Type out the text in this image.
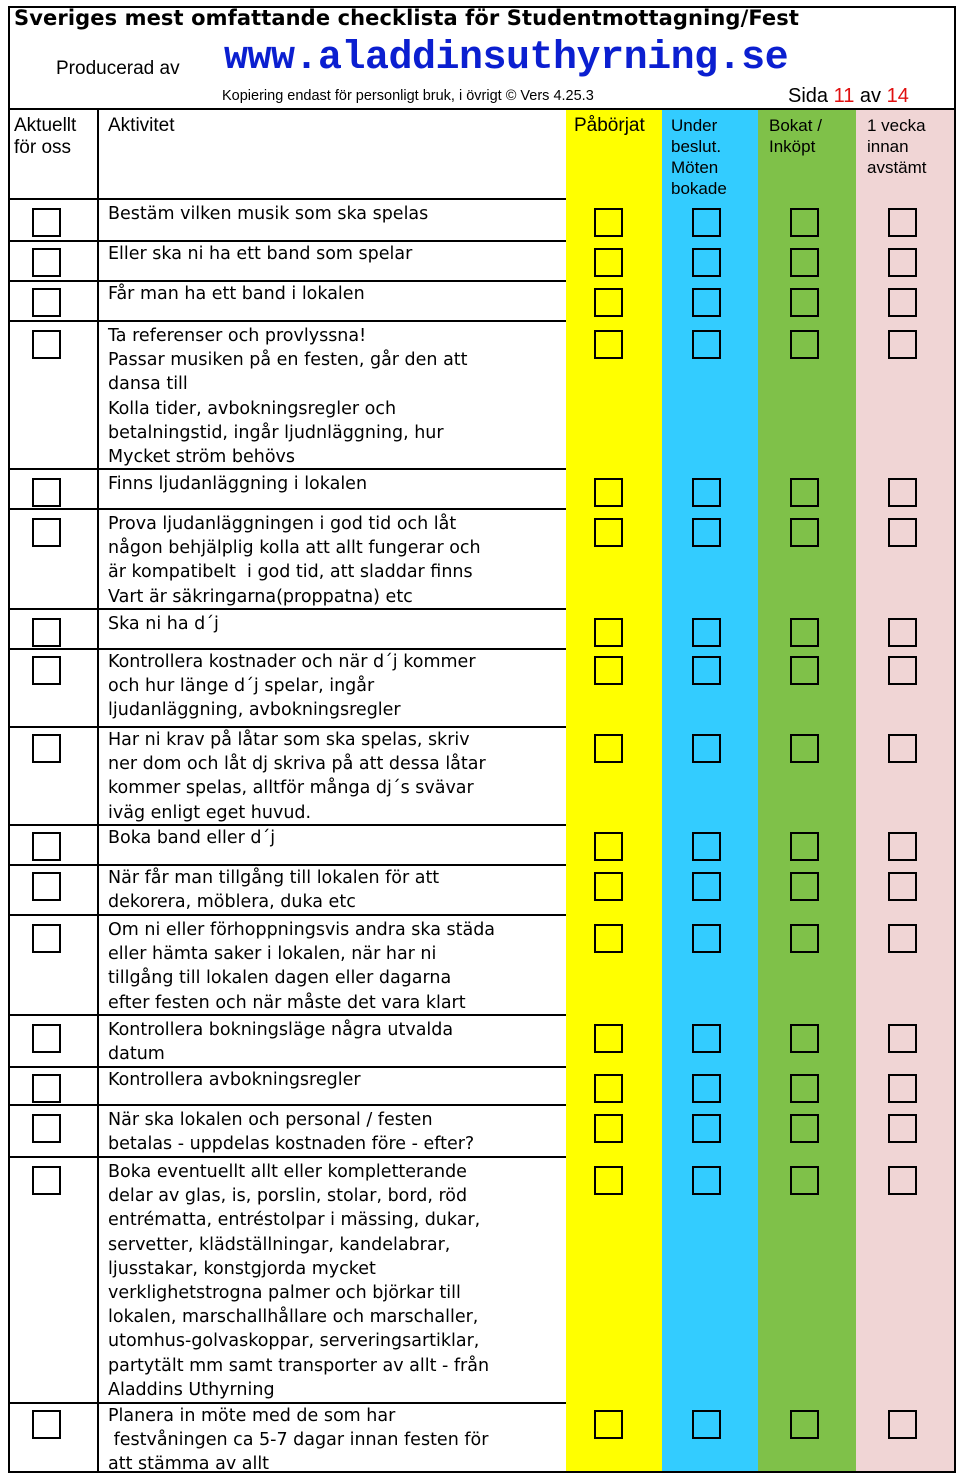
Sveriges mest omfattande checklista för Studentmottagning/Fest
Producerad av www.aladdinsuthyrning.se
Kopiering endast för personligt bruk, i övrigt © Vers 4.25.3	Sida 11 av 14
Aktuellt
för oss
Aktivitet	Påbörjat Under
beslut.
Möten
bokade
Bokat /
Inköpt
1 vecka
innan
avstämt
Bestäm vilken musik som ska spelas
Eller ska ni ha ett band som spelar
Får man ha ett band i lokalen
Ta referenser och provlyssna!
Passar musiken på en festen, går den att
dansa till
Kolla tider, avbokningsregler och
betalningstid, ingår ljudnläggning, hur
Mycket ström behövs
Finns ljudanläggning i lokalen
Prova ljudanläggningen i god tid och låt
någon behjälplig kolla att allt fungerar och
är kompatibelt  i god tid, att sladdar finns
Vart är säkringarna(proppatna) etc
Ska ni ha d´j
Kontrollera kostnader och när d´j kommer
och hur länge d´j spelar, ingår
ljudanläggning, avbokningsregler
Har ni krav på låtar som ska spelas, skriv
ner dom och låt dj skriva på att dessa låtar
kommer spelas, alltför många dj´s svävar
iväg enligt eget huvud.
Boka band eller d´j
När får man tillgång till lokalen för att
dekorera, möblera, duka etc
Om ni eller förhoppningsvis andra ska städa
eller hämta saker i lokalen, när har ni
tillgång till lokalen dagen eller dagarna
efter festen och när måste det vara klart
Kontrollera bokningsläge några utvalda
datum
Kontrollera avbokningsregler
När ska lokalen och personal / festen
betalas - uppdelas kostnaden före - efter?
Boka eventuellt allt eller kompletterande
delar av glas, is, porslin, stolar, bord, röd
entrématta, entréstolpar i mässing, dukar,
servetter, klädställningar, kandelabrar,
ljusstakar, konstgjorda mycket
verklighetstrogna palmer och björkar till
lokalen, marschallhållare och marschaller,
utomhus-golvaskoppar, serveringsartiklar,
partytält mm samt transporter av allt - från
Aladdins Uthyrning
Planera in möte med de som har
festvåningen ca 5-7 dagar innan festen för
att stämma av allt
